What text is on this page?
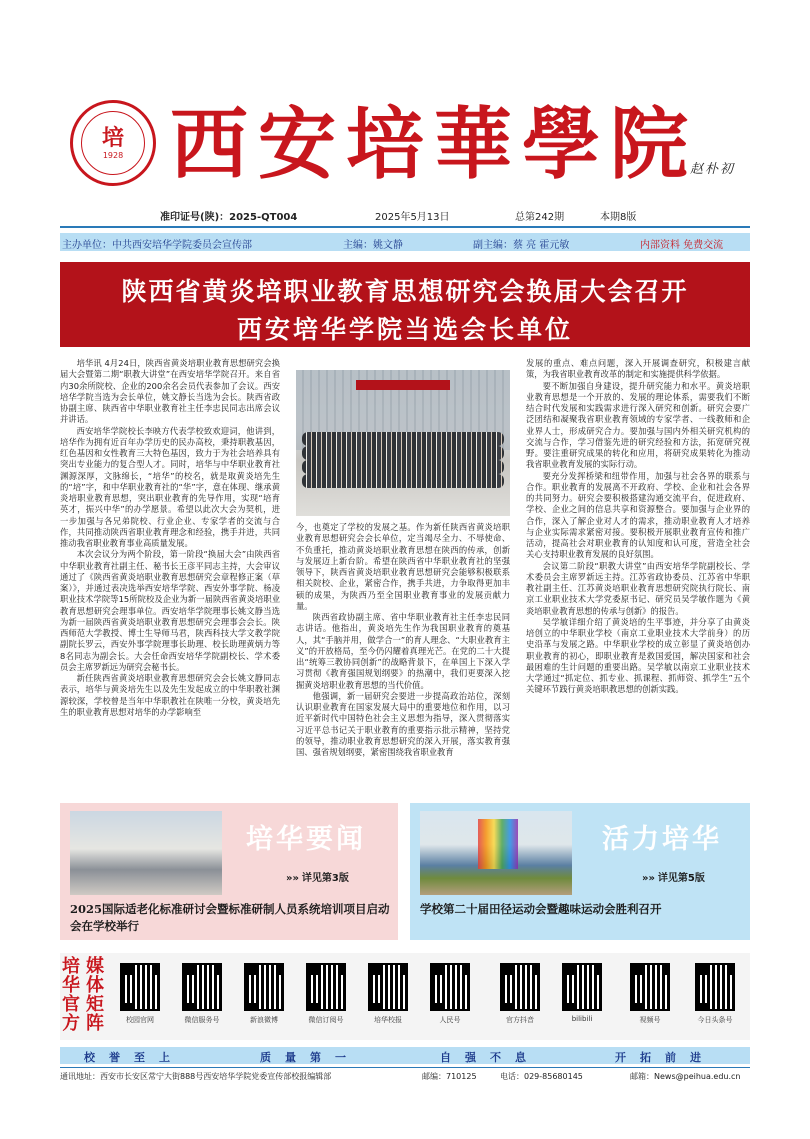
培
1928 西安培華學院
赵朴初
准印证号(陕)：2025-QT004	2025年5月13日	总第242期	本期8版
主办单位：中共西安培华学院委员会宣传部	主编：姚文静	副主编：蔡 亮 霍元敏	内部资料 免费交流
陕西省黄炎培职业教育思想研究会换届大会召开
西安培华学院当选会长单位

培华讯 4月24日，陕西省黄炎培职业教育思想研究会换届大会暨第二期“职教大讲堂”在西安培华学院召开。来自省内30余所院校、企业的200余名会员代表参加了会议。西安培华学院当选为会长单位，姚文静长当选为会长。陕西省政协副主席、陕西省中华职业教育社主任李忠民同志出席会议并讲话。

西安培华学院校长李映方代表学校致欢迎词，他讲到，培华作为拥有近百年办学历史的民办高校，秉持职教基因，红色基因和女性教育三大特色基因，致力于为社会培养具有突出专业能力的复合型人才。同时，培华与中华职业教育社渊源深厚，文脉绵长，“培华”的校名，就是取黄炎培先生的“培”字，和中华职业教育社的“华”字，意在体现、继承黄炎培职业教育思想，突出职业教育的先导作用，实现“培育英才，振兴中华”的办学愿景。希望以此次大会为契机，进一步加强与各兄弟院校、行业企业、专家学者的交流与合作，共同推动陕西省职业教育理念和经验，携手并进，共同推动我省职业教育事业高质量发展。

本次会议分为两个阶段，第一阶段“换届大会”由陕西省中华职业教育社副主任、秘书长王彦平同志主持，大会审议通过了《陕西省黄炎培职业教育思想研究会章程修正案（草案）》，并通过表决选举西安培华学院、西安外事学院、杨凌职业技术学院等15所院校及企业为新一届陕西省黄炎培职业教育思想研究会理事单位。西安培华学院理事长姚文静当选为新一届陕西省黄炎培职业教育思想研究会理事会会长。陕西师范大学教授、博士生导师马君，陕西科技大学文教学院副院长罗云，西安外事学院理事长助理、校长助理黄炳力等8名同志为副会长。大会任命西安培华学院副校长、学术委员会主席罗新远为研究会秘书长。

新任陕西省黄炎培职业教育思想研究会会长姚文静同志表示，培华与黄炎培先生以及先生发起成立的中华职教社渊源较深，学校曾是当年中华职教社在陕唯一分校，黄炎培先生的职业教育思想对培华的办学影响至

今，也奠定了学校的发展之基。作为新任陕西省黄炎培职业教育思想研究会会长单位，定当竭尽全力、不辱使命、不负重托，推动黄炎培职业教育思想在陕西的传承，创新与发展迈上新台阶。希望在陕西省中华职业教育社的坚强领导下，陕西省黄炎培职业教育思想研究会能够积极联系相关院校、企业，紧密合作，携手共进，力争取得更加丰硕的成果，为陕西乃至全国职业教育事业的发展贡献力量。

陕西省政协副主席、省中华职业教育社主任李忠民同志讲话。他指出，黄炎培先生作为我国职业教育的奠基人，其“手脑并用，做学合一”的育人理念、“大职业教育主义”的开放格局，至今仍闪耀着真理光芒。在党的二十大提出“统筹三教协同创新”的战略背景下，在单国上下深入学习贯彻《教育强国规划纲要》的热潮中，我们更要深入挖掘黄炎培职业教育思想的当代价值。

他强调，新一届研究会要进一步提高政治站位，深刻认识职业教育在国家发展大局中的重要地位和作用，以习近平新时代中国特色社会主义思想为指导，深入贯彻落实习近平总书记关于职业教育的重要指示批示精神，坚持党的领导，推动职业教育思想研究的深入开展，落实教育强国、强省规划纲要，紧密围绕我省职业教育

发展的重点、难点问题，深入开展调查研究，积极建言献策，为我省职业教育改革的制定和实施提供科学依据。

要不断加强自身建设，提升研究能力和水平。黄炎培职业教育思想是一个开放的、发展的理论体系，需要我们不断结合时代发展和实践需求进行深入研究和创新。研究会要广泛团结和凝聚我省职业教育领域的专家学者、一线教师和企业界人士，形成研究合力。要加强与国内外相关研究机构的交流与合作，学习借鉴先进的研究经验和方法，拓宽研究视野。要注重研究成果的转化和应用，将研究成果转化为推动我省职业教育发展的实际行动。

要充分发挥桥梁和纽带作用，加强与社会各界的联系与合作。职业教育的发展离不开政府、学校、企业和社会各界的共同努力。研究会要积极搭建沟通交流平台，促进政府、学校、企业之间的信息共享和资源整合。要加强与企业界的合作，深入了解企业对人才的需求，推动职业教育人才培养与企业实际需求紧密对接。要积极开展职业教育宣传和推广活动，提高社会对职业教育的认知度和认可度，营造全社会关心支持职业教育发展的良好氛围。

会议第二阶段“职教大讲堂”由西安培华学院副校长、学术委员会主席罗新远主持。江苏省政协委员、江苏省中华职教社副主任、江苏黄炎培职业教育思想研究院执行院长、南京工业职业技术大学党委原书记、研究员吴学敏作题为《黄炎培职业教育思想的传承与创新》的报告。

吴学敏详细介绍了黄炎培的生平事迹，并分享了由黄炎培创立的中华职业学校（南京工业职业技术大学前身）的历史沿革与发展之路。中华职业学校的成立彰显了黄炎培创办职业教育的初心，即职业教育是救国爱国，解决国家和社会最困难的生计问题的重要出路。吴学敏以南京工业职业技术大学通过“抓定位、抓专业、抓课程、抓师资、抓学生”五个关键环节践行黄炎培职教思想的创新实践。

培华要闻
»» 详见第3版
2025国际适老化标准研讨会暨标准研制人员系统培训项目启动会在学校举行
活力培华
»» 详见第5版
学校第二十届田径运动会暨趣味运动会胜利召开
培
华
官
方
媒
体
矩
阵	校园官网	微信服务号	新浪微博	微信订阅号	培华校报	人民号	官方抖音	bilibili	视频号	今日头条号
校誉至上	质量第一	自强不息	开拓前进
通讯地址：西安市长安区常宁大街888号西安培华学院党委宣传部校报编辑部	邮编：710125	电话：029-85680145	邮箱：News@peihua.edu.cn
